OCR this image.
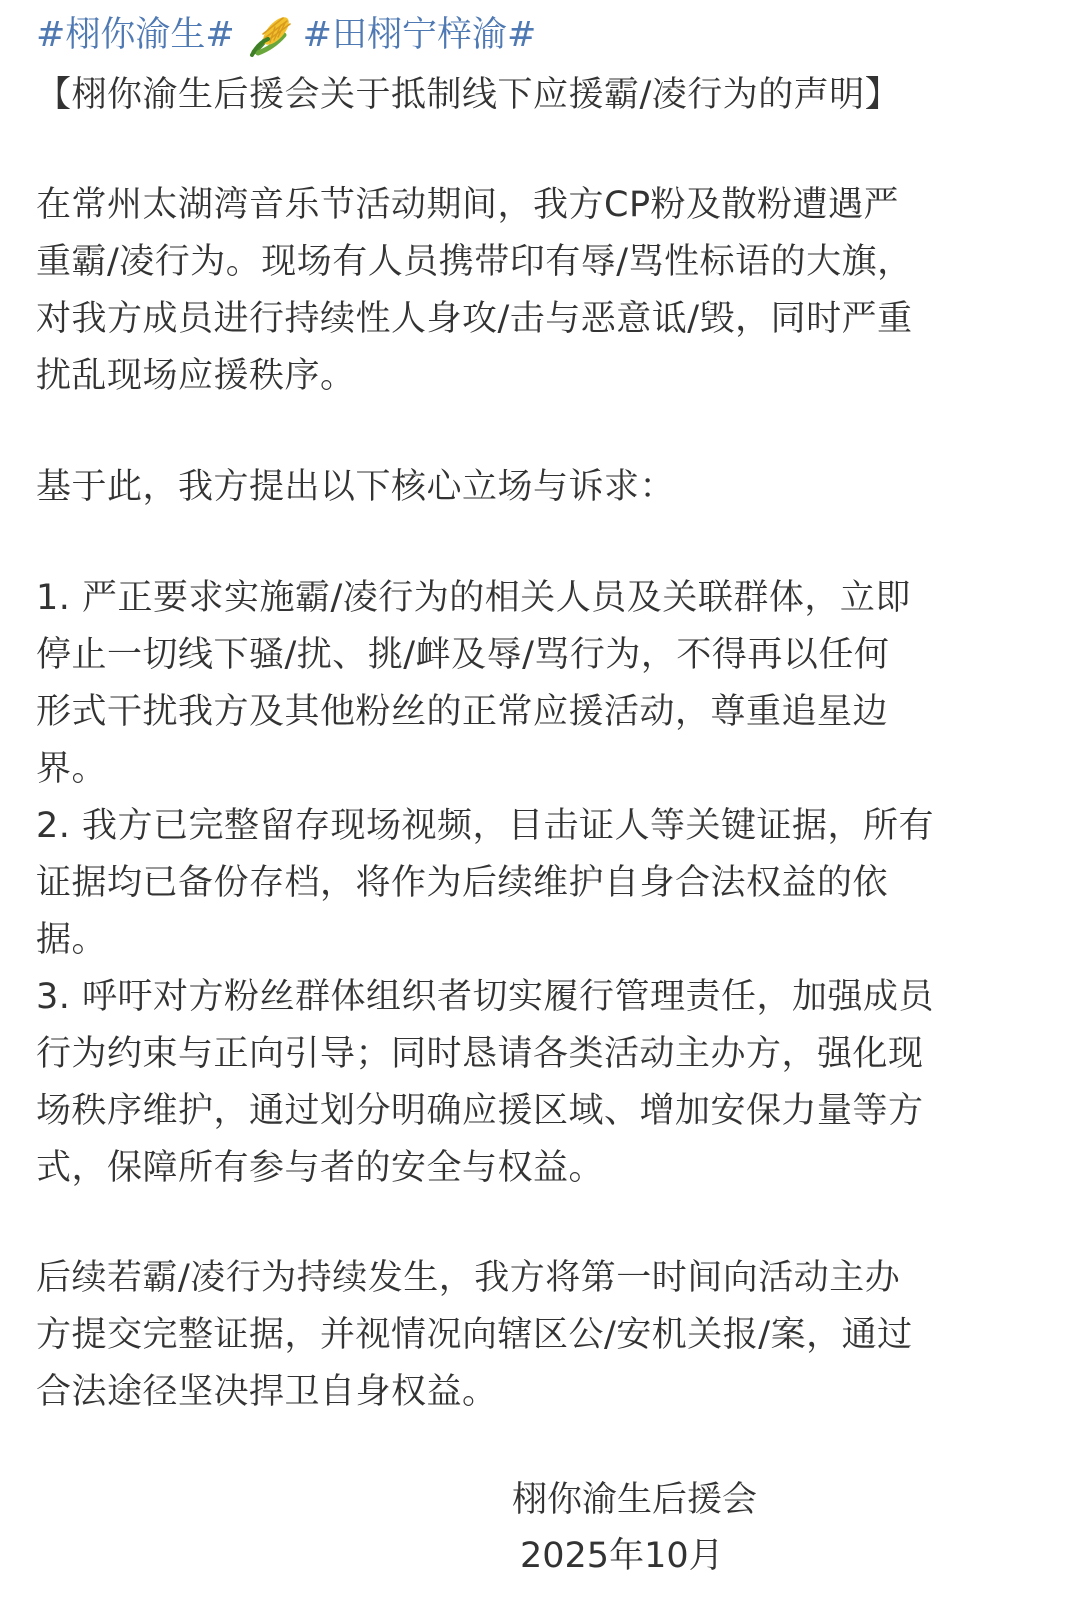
#栩你渝生# #田栩宁梓渝#
【栩你渝生后援会关于抵制线下应援霸/凌行为的声明】
在常州太湖湾音乐节活动期间，我方CP粉及散粉遭遇严
重霸/凌行为。现场有人员携带印有辱/骂性标语的大旗，
对我方成员进行持续性人身攻/击与恶意诋/毁，同时严重
扰乱现场应援秩序。
基于此，我方提出以下核心立场与诉求：
1. 严正要求实施霸/凌行为的相关人员及关联群体，立即
停止一切线下骚/扰、挑/衅及辱/骂行为，不得再以任何
形式干扰我方及其他粉丝的正常应援活动，尊重追星边
界。
2. 我方已完整留存现场视频，目击证人等关键证据，所有
证据均已备份存档，将作为后续维护自身合法权益的依
据。
3. 呼吁对方粉丝群体组织者切实履行管理责任，加强成员
行为约束与正向引导；同时恳请各类活动主办方，强化现
场秩序维护，通过划分明确应援区域、增加安保力量等方
式，保障所有参与者的安全与权益。
后续若霸/凌行为持续发生，我方将第一时间向活动主办
方提交完整证据，并视情况向辖区公/安机关报/案，通过
合法途径坚决捍卫自身权益。
栩你渝生后援会
2025年10月
